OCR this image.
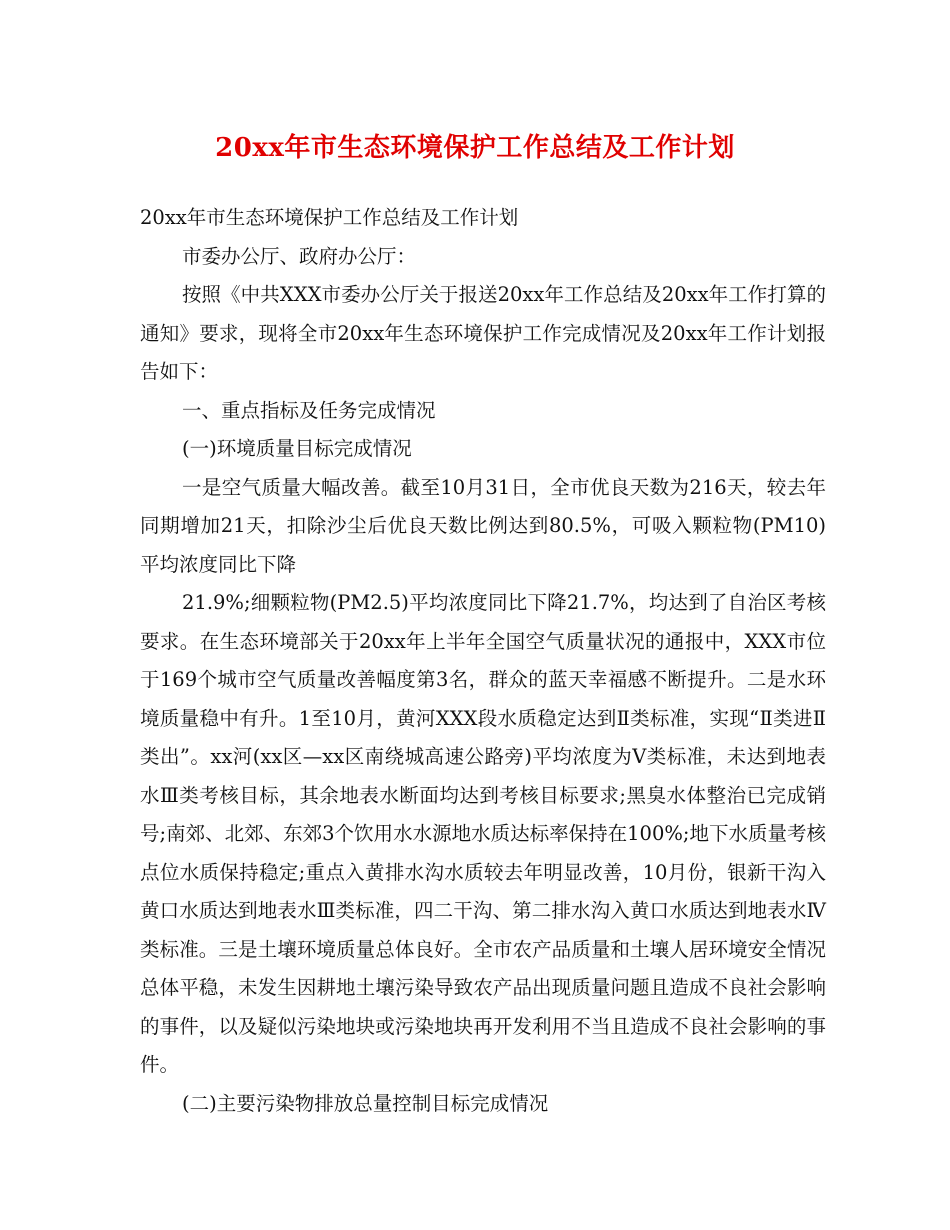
20xx年市生态环境保护工作总结及工作计划

20xx年市生态环境保护工作总结及工作计划

市委办公厅、政府办公厅：

按照《中共XXX市委办公厅关于报送20xx年工作总结及20xx年工作打算的通知》要求，现将全市20xx年生态环境保护工作完成情况及20xx年工作计划报告如下：

一、重点指标及任务完成情况

(一)环境质量目标完成情况

一是空气质量大幅改善。截至10月31日，全市优良天数为216天，较去年同期增加21天，扣除沙尘后优良天数比例达到80.5%，可吸入颗粒物(PM10)平均浓度同比下降

21.9%;细颗粒物(PM2.5)平均浓度同比下降21.7%，均达到了自治区考核要求。在生态环境部关于20xx年上半年全国空气质量状况的通报中，XXX市位于169个城市空气质量改善幅度第3名，群众的蓝天幸福感不断提升。二是水环境质量稳中有升。1至10月，黄河XXX段水质稳定达到Ⅱ类标准，实现“Ⅱ类进Ⅱ类出”。xx河(xx区—xx区南绕城高速公路旁)平均浓度为Ⅴ类标准，未达到地表水Ⅲ类考核目标，其余地表水断面均达到考核目标要求;黑臭水体整治已完成销号;南郊、北郊、东郊3个饮用水水源地水质达标率保持在100%;地下水质量考核点位水质保持稳定;重点入黄排水沟水质较去年明显改善，10月份，银新干沟入黄口水质达到地表水Ⅲ类标准，四二干沟、第二排水沟入黄口水质达到地表水Ⅳ类标准。三是土壤环境质量总体良好。全市农产品质量和土壤人居环境安全情况总体平稳，未发生因耕地土壤污染导致农产品出现质量问题且造成不良社会影响的事件，以及疑似污染地块或污染地块再开发利用不当且造成不良社会影响的事件。

(二)主要污染物排放总量控制目标完成情况
